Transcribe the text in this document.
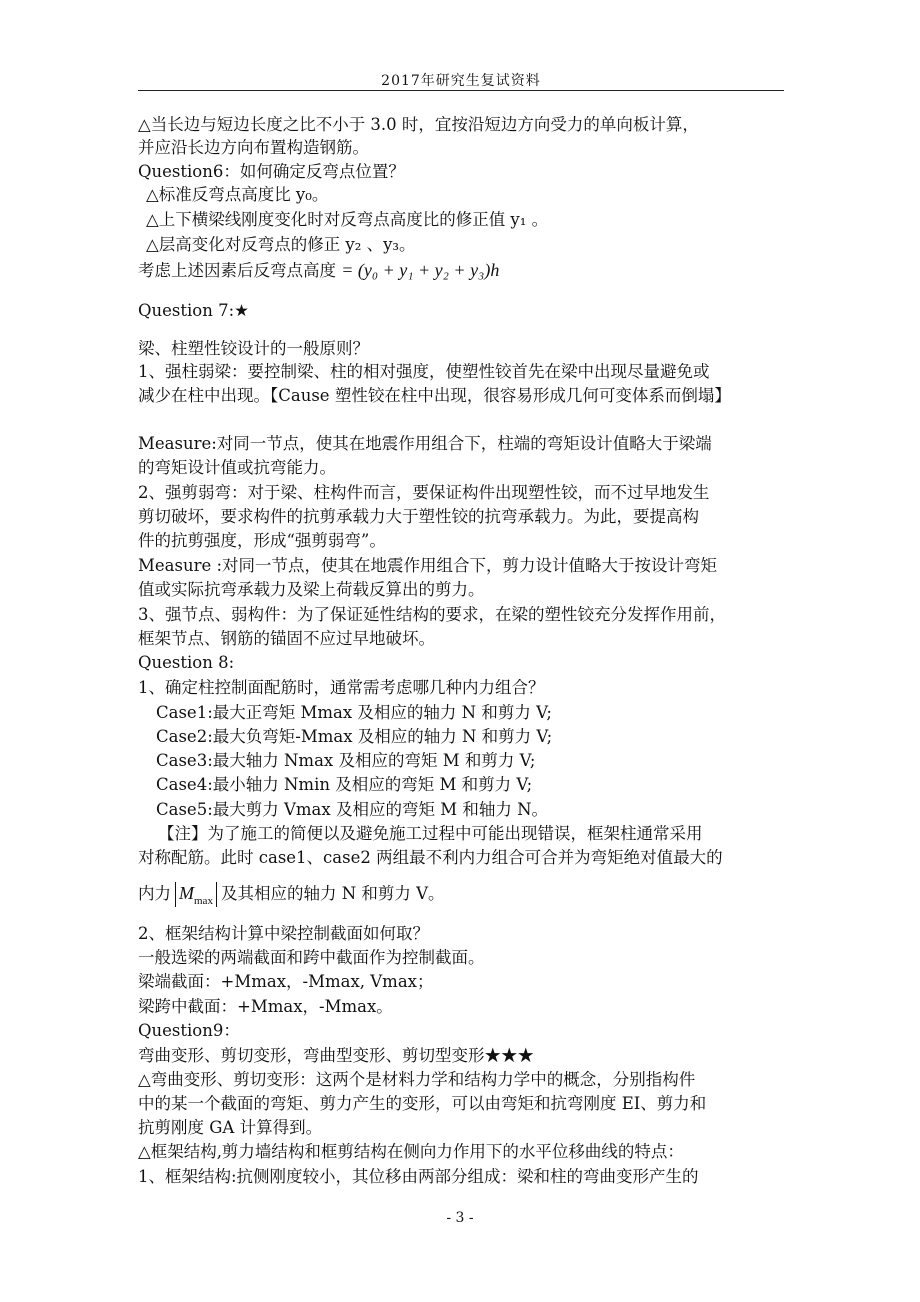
2017年研究生复试资料
△当长边与短边长度之比不小于 3.0 时，宜按沿短边方向受力的单向板计算，
并应沿长边方向布置构造钢筋。
Question6：如何确定反弯点位置？
△标准反弯点高度比 y₀。
△上下横梁线刚度变化时对反弯点高度比的修正值 y₁ 。
△层高变化对反弯点的修正 y₂ 、y₃。
考虑上述因素后反弯点高度 = (y₀ + y₁ + y₂ + y₃)h
Question 7:★
梁、柱塑性铰设计的一般原则？
1、强柱弱梁：要控制梁、柱的相对强度，使塑性铰首先在梁中出现尽量避免或
减少在柱中出现。【Cause 塑性铰在柱中出现，很容易形成几何可变体系而倒塌】
Measure:对同一节点，使其在地震作用组合下，柱端的弯矩设计值略大于梁端
的弯矩设计值或抗弯能力。
2、强剪弱弯：对于梁、柱构件而言，要保证构件出现塑性铰，而不过早地发生
剪切破坏，要求构件的抗剪承载力大于塑性铰的抗弯承载力。为此，要提高构
件的抗剪强度，形成“强剪弱弯”。
Measure :对同一节点，使其在地震作用组合下，剪力设计值略大于按设计弯矩
值或实际抗弯承载力及梁上荷载反算出的剪力。
3、强节点、弱构件：为了保证延性结构的要求，在梁的塑性铰充分发挥作用前，
框架节点、钢筋的锚固不应过早地破坏。
Question 8:
1、确定柱控制面配筋时，通常需考虑哪几种内力组合？
Case1:最大正弯矩 Mmax 及相应的轴力 N 和剪力 V;
Case2:最大负弯矩-Mmax 及相应的轴力 N 和剪力 V;
Case3:最大轴力 Nmax 及相应的弯矩 M 和剪力 V;
Case4:最小轴力 Nmin 及相应的弯矩 M 和剪力 V;
Case5:最大剪力 Vmax 及相应的弯矩 M 和轴力 N。
【注】为了施工的简便以及避免施工过程中可能出现错误，框架柱通常采用
对称配筋。此时 case1、case2 两组最不利内力组合可合并为弯矩绝对值最大的
内力 $M_{max}$ 及其相应的轴力 N 和剪力 V。
2、框架结构计算中梁控制截面如何取？
一般选梁的两端截面和跨中截面作为控制截面。
梁端截面：+Mmax，-Mmax, Vmax；
梁跨中截面：+Mmax，-Mmax。
Question9：
弯曲变形、剪切变形，弯曲型变形、剪切型变形★★★
△弯曲变形、剪切变形：这两个是材料力学和结构力学中的概念，分别指构件
中的某一个截面的弯矩、剪力产生的变形，可以由弯矩和抗弯刚度 EI、剪力和
抗剪刚度 GA 计算得到。
△框架结构,剪力墙结构和框剪结构在侧向力作用下的水平位移曲线的特点：
1、框架结构:抗侧刚度较小，其位移由两部分组成：梁和柱的弯曲变形产生的
- 3 -
